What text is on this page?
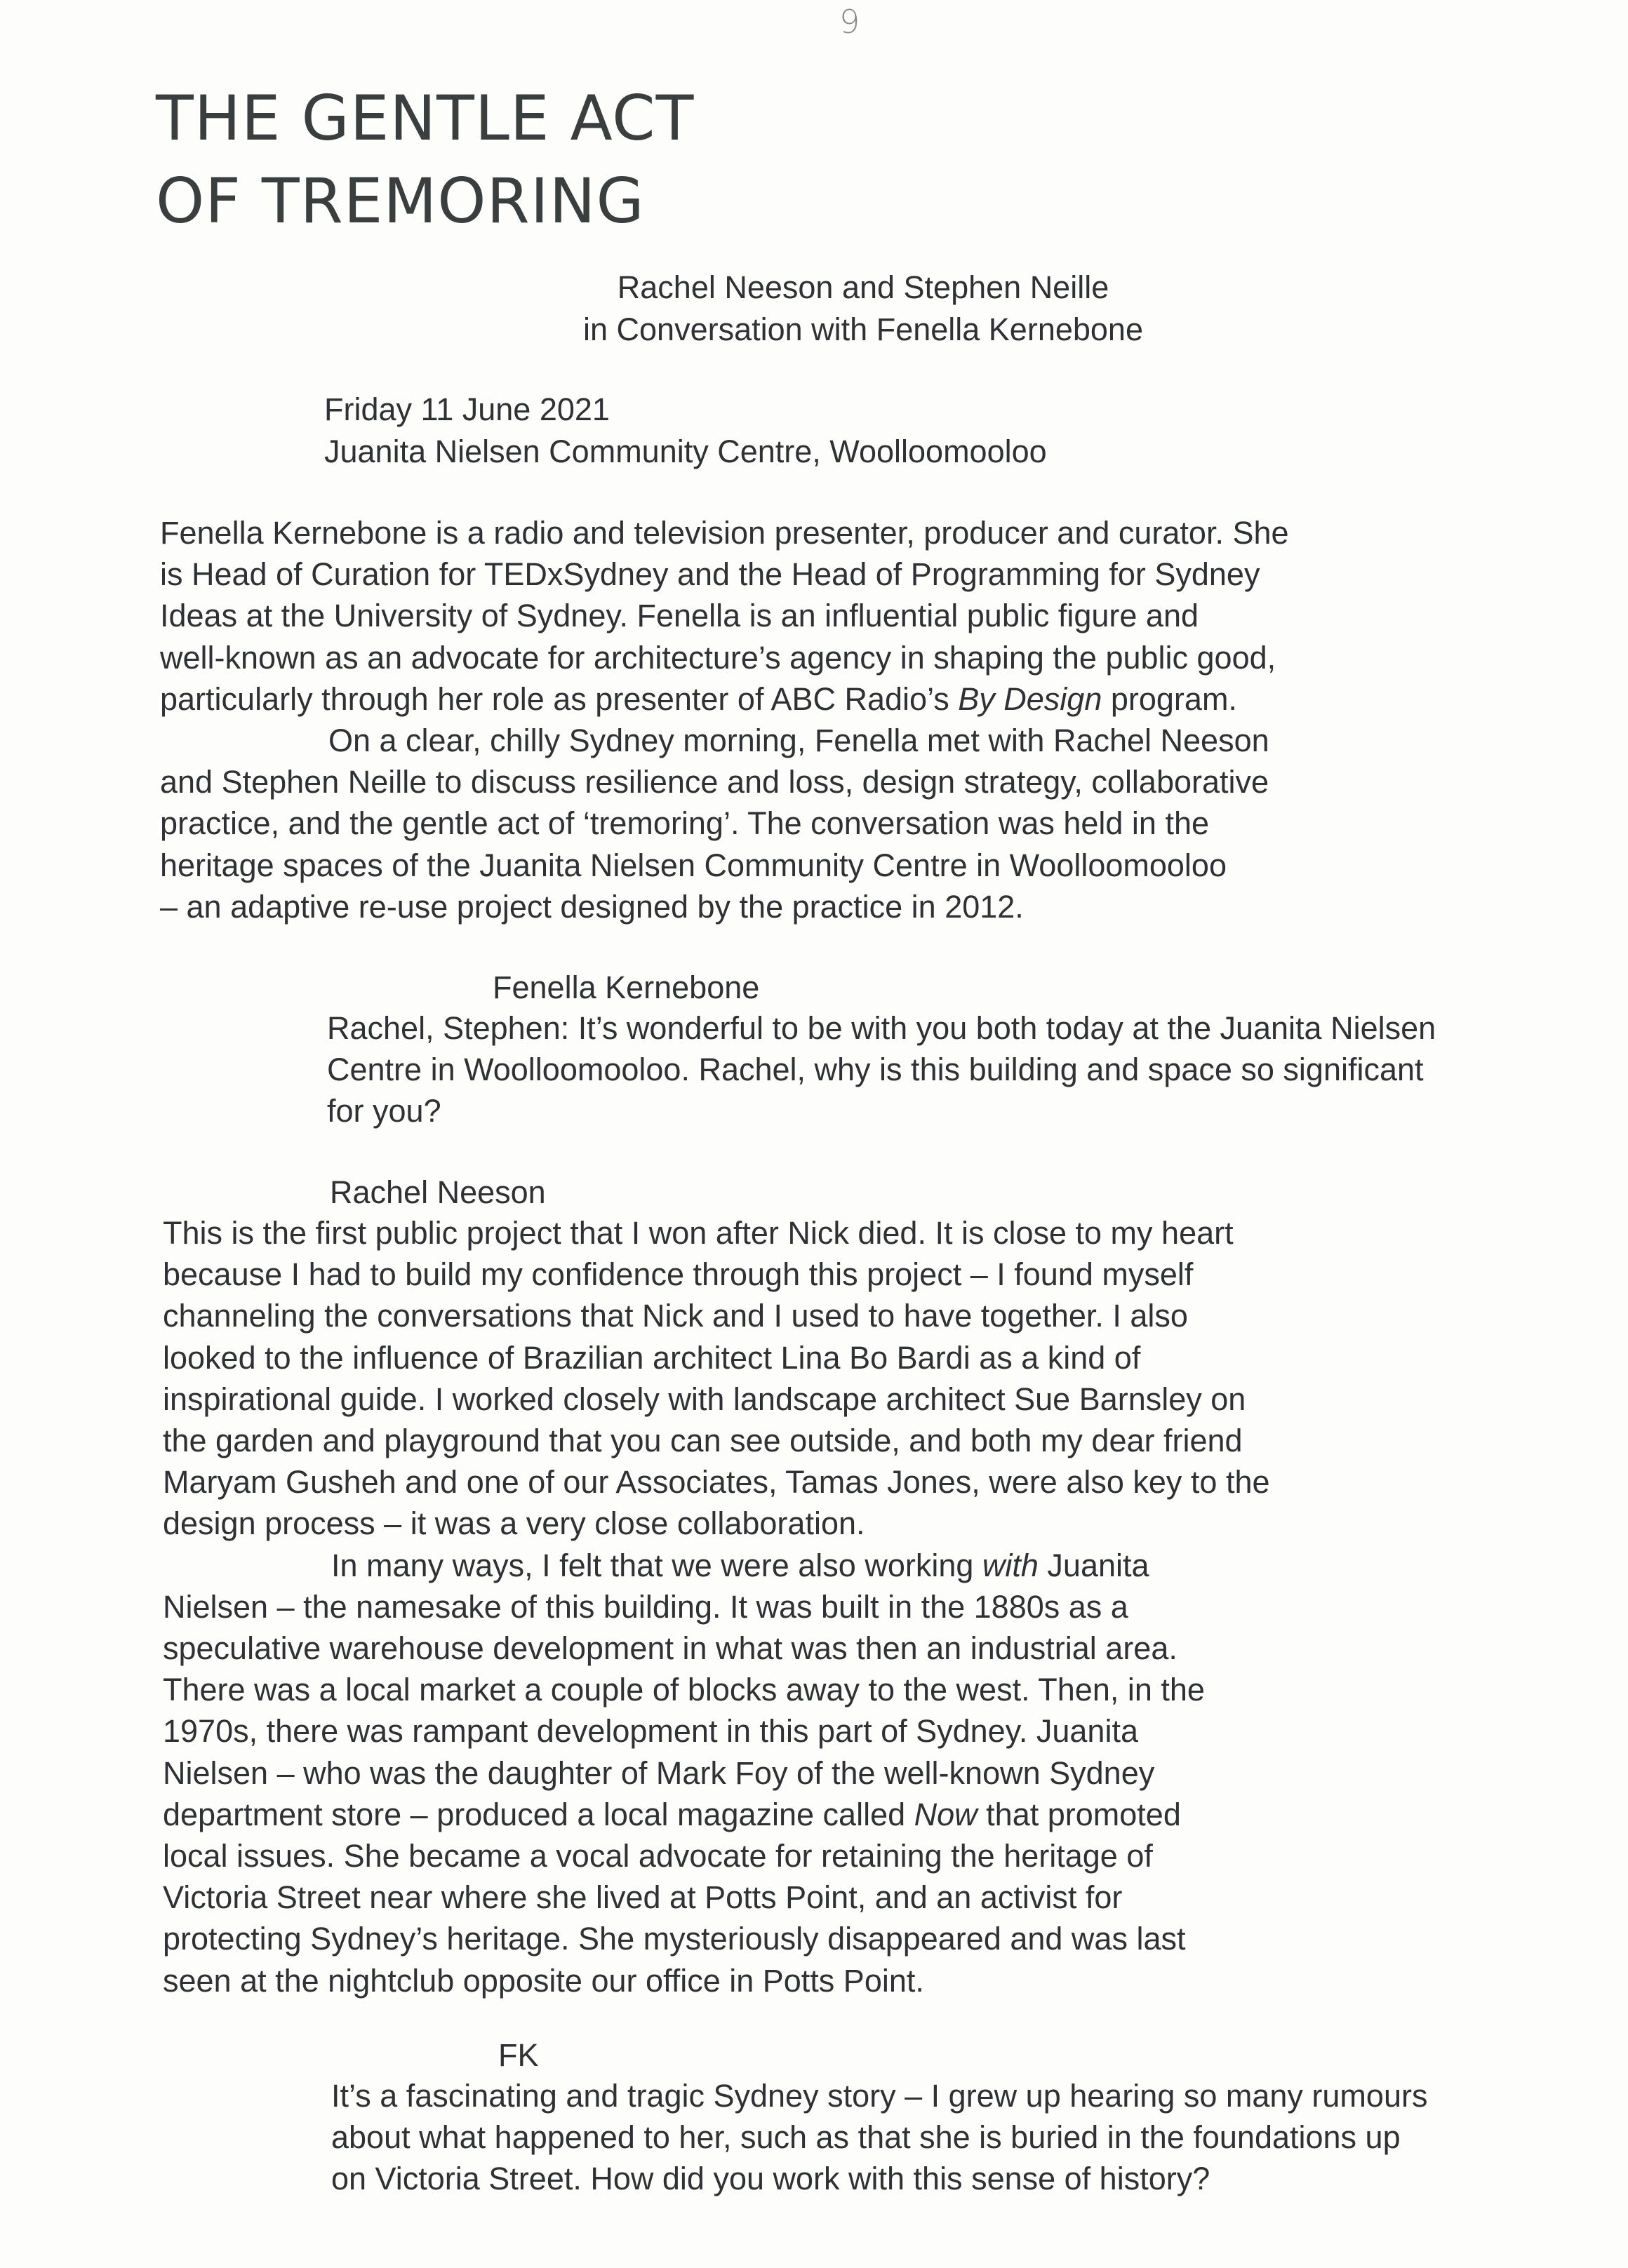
9
THE GENTLE ACT
OF TREMORING
Rachel Neeson and Stephen Neille
in Conversation with Fenella Kernebone
Friday 11 June 2021
Juanita Nielsen Community Centre, Woolloomooloo
Fenella Kernebone is a radio and television presenter, producer and curator. She
is Head of Curation for TEDxSydney and the Head of Programming for Sydney
Ideas at the University of Sydney. Fenella is an influential public figure and
well-known as an advocate for architecture’s agency in shaping the public good,
particularly through her role as presenter of ABC Radio’s By Design program.
On a clear, chilly Sydney morning, Fenella met with Rachel Neeson
and Stephen Neille to discuss resilience and loss, design strategy, collaborative
practice, and the gentle act of ‘tremoring’. The conversation was held in the
heritage spaces of the Juanita Nielsen Community Centre in Woolloomooloo
– an adaptive re-use project designed by the practice in 2012.
Fenella Kernebone
Rachel, Stephen: It’s wonderful to be with you both today at the Juanita Nielsen
Centre in Woolloomooloo. Rachel, why is this building and space so significant
for you?
Rachel Neeson
This is the first public project that I won after Nick died. It is close to my heart
because I had to build my confidence through this project – I found myself
channeling the conversations that Nick and I used to have together. I also
looked to the influence of Brazilian architect Lina Bo Bardi as a kind of
inspirational guide. I worked closely with landscape architect Sue Barnsley on
the garden and playground that you can see outside, and both my dear friend
Maryam Gusheh and one of our Associates, Tamas Jones, were also key to the
design process – it was a very close collaboration.
In many ways, I felt that we were also working with Juanita
Nielsen – the namesake of this building. It was built in the 1880s as a
speculative warehouse development in what was then an industrial area.
There was a local market a couple of blocks away to the west. Then, in the
1970s, there was rampant development in this part of Sydney. Juanita
Nielsen – who was the daughter of Mark Foy of the well-known Sydney
department store – produced a local magazine called Now that promoted
local issues. She became a vocal advocate for retaining the heritage of
Victoria Street near where she lived at Potts Point, and an activist for
protecting Sydney’s heritage. She mysteriously disappeared and was last
seen at the nightclub opposite our office in Potts Point.
FK
It’s a fascinating and tragic Sydney story – I grew up hearing so many rumours
about what happened to her, such as that she is buried in the foundations up
on Victoria Street. How did you work with this sense of history?
